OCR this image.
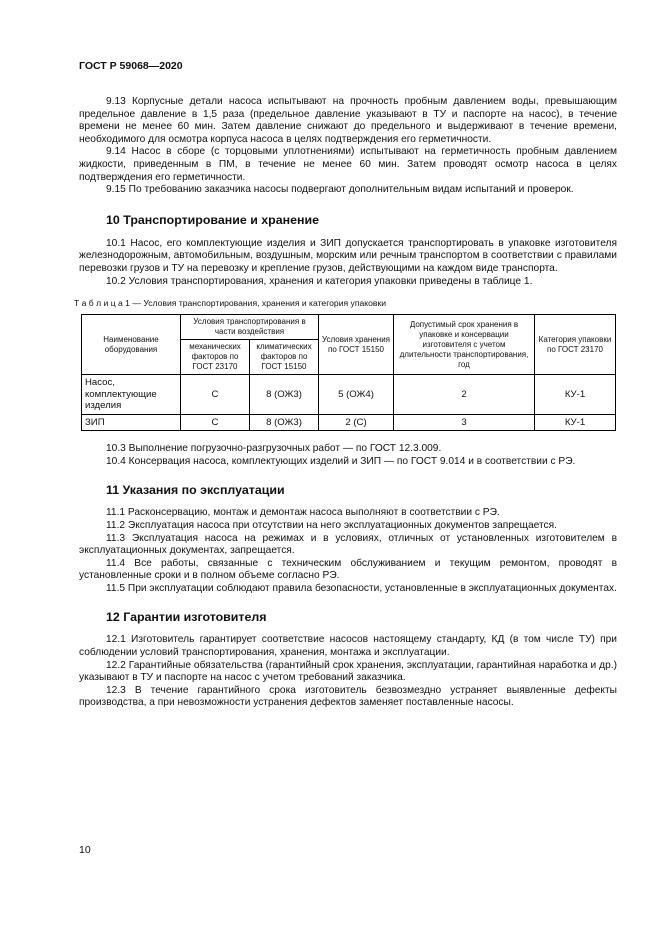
ГОСТ Р 59068—2020

9.13 Корпусные детали насоса испытывают на прочность пробным давлением воды, превышающим предельное давление в 1,5 раза (предельное давление указывают в ТУ и паспорте на насос), в течение времени не менее 60 мин. Затем давление снижают до предельного и выдерживают в течение времени, необходимого для осмотра корпуса насоса в целях подтверждения его герметичности.

9.14 Насос в сборе (с торцовыми уплотнениями) испытывают на герметичность пробным давлением жидкости, приведенным в ПМ, в течение не менее 60 мин. Затем проводят осмотр насоса в целях подтверждения его герметичности.

9.15 По требованию заказчика насосы подвергают дополнительным видам испытаний и проверок.

10 Транспортирование и хранение

10.1 Насос, его комплектующие изделия и ЗИП допускается транспортировать в упаковке изготовителя железнодорожным, автомобильным, воздушным, морским или речным транспортом в соответствии с правилами перевозки грузов и ТУ на перевозку и крепление грузов, действующими на каждом виде транспорта.

10.2 Условия транспортирования, хранения и категория упаковки приведены в таблице 1.

Т а б л и ц а 1 — Условия транспортирования, хранения и категория упаковки

Наименование оборудования	Условия транспортирования в части воздействия		Условия хранения по ГОСТ 15150	Допустимый срок хранения в упаковке и консервации изготовителя с учетом длительности транспортирования, год	Категория упаковки по ГОСТ 23170
	механических факторов по ГОСТ 23170	климатических факторов по ГОСТ 15150			
Насос, комплектующие изделия	С	8 (ОЖ3)	5 (ОЖ4)	2	КУ-1
ЗИП	С	8 (ОЖ3)	2 (С)	3	КУ-1

10.3 Выполнение погрузочно-разгрузочных работ — по ГОСТ 12.3.009.

10.4 Консервация насоса, комплектующих изделий и ЗИП — по ГОСТ 9.014 и в соответствии с РЭ.

11 Указания по эксплуатации

11.1 Расконсервацию, монтаж и демонтаж насоса выполняют в соответствии с РЭ.

11.2 Эксплуатация насоса при отсутствии на него эксплуатационных документов запрещается.

11.3 Эксплуатация насоса на режимах и в условиях, отличных от установленных изготовителем в эксплуатационных документах, запрещается.

11.4 Все работы, связанные с техническим обслуживанием и текущим ремонтом, проводят в установленные сроки и в полном объеме согласно РЭ.

11.5 При эксплуатации соблюдают правила безопасности, установленные в эксплуатационных документах.

12 Гарантии изготовителя

12.1 Изготовитель гарантирует соответствие насосов настоящему стандарту, КД (в том числе ТУ) при соблюдении условий транспортирования, хранения, монтажа и эксплуатации.

12.2 Гарантийные обязательства (гарантийный срок хранения, эксплуатации, гарантийная наработка и др.) указывают в ТУ и паспорте на насос с учетом требований заказчика.

12.3 В течение гарантийного срока изготовитель безвозмездно устраняет выявленные дефекты производства, а при невозможности устранения дефектов заменяет поставленные насосы.

10
